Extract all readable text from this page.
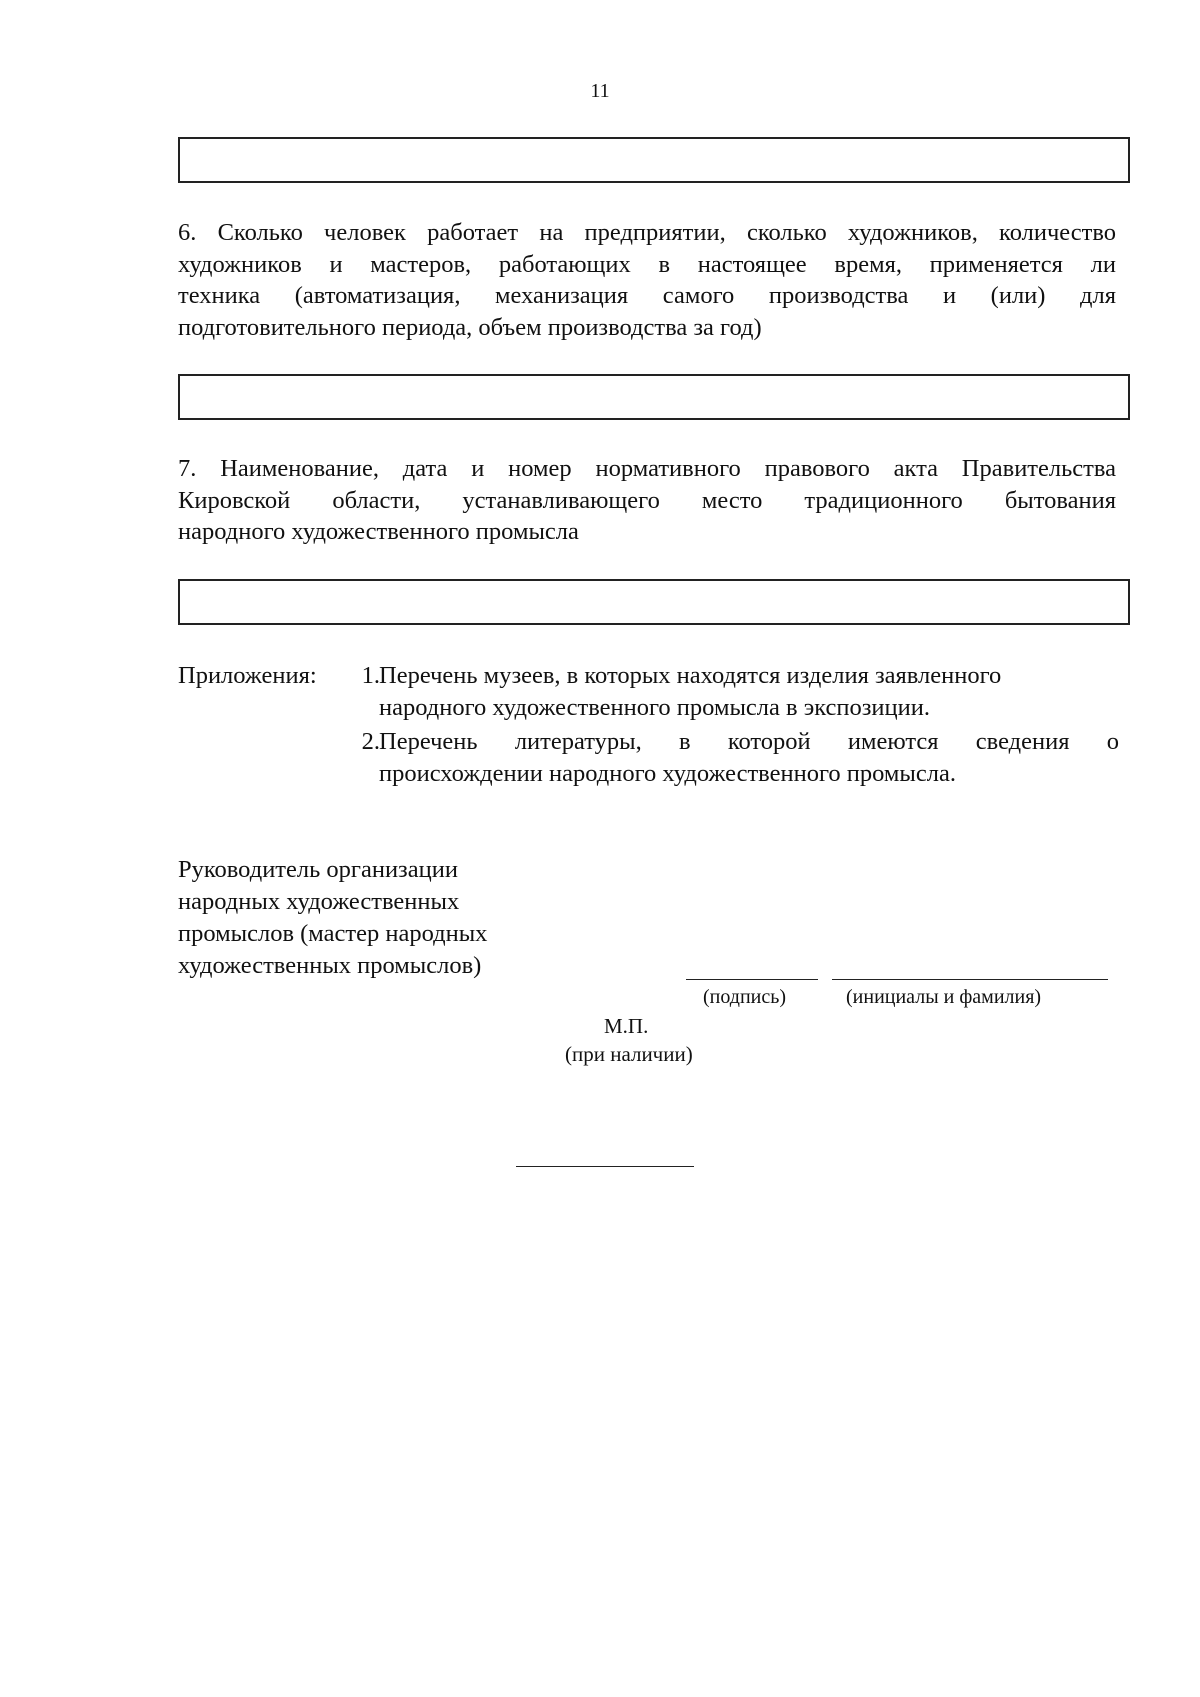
11
6. Сколько человек работает на предприятии, сколько художников, количество
художников и мастеров, работающих в настоящее время, применяется ли
техника (автоматизация, механизация самого производства и (или) для
подготовительного периода, объем производства за год)
7. Наименование, дата и номер нормативного правового акта Правительства
Кировской области, устанавливающего место традиционного бытования
народного художественного промысла
Приложения:	1. Перечень музеев, в которых находятся изделия заявленного
народного художественного промысла в экспозиции.
2. Перечень литературы, в которой имеются сведения о
происхождении народного художественного промысла.
Руководитель организации
народных художественных
промыслов (мастер народных
художественных промыслов)
(подпись)	(инициалы и фамилия)
М.П.
(при наличии)
